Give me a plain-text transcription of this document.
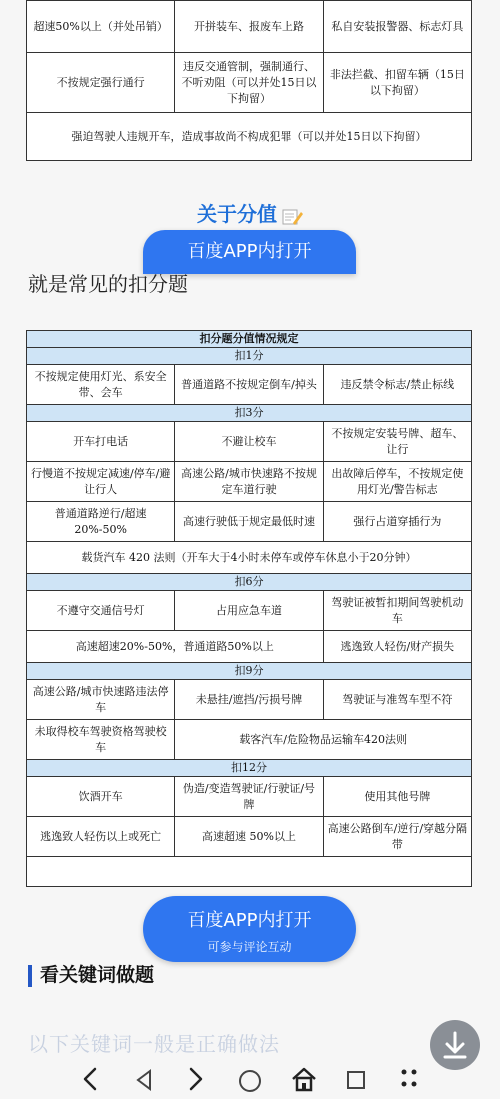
超速50%以上（并处吊销）	开拼装车、报废车上路	私自安装报警器、标志灯具
不按规定强行通行	违反交通管制，强制通行、不听劝阻（可以并处15日以下拘留）	非法拦截、扣留车辆（15日以下拘留）
强迫驾驶人违规开车，造成事故尚不构成犯罪（可以并处15日以下拘留）		
关于分值
百度APP内打开
就是常见的扣分题
扣分题分值情况规定		
扣1分		
不按规定使用灯光、系安全带、会车	普通道路不按规定倒车/掉头	违反禁令标志/禁止标线
扣3分		
开车打电话	不避让校车	不按规定安装号牌、超车、让行
行慢道不按规定减速/停车/避让行人	高速公路/城市快速路不按规定车道行驶	出故障后停车，不按规定使用灯光/警告标志
普通道路逆行/超速20%-50%	高速行驶低于规定最低时速	强行占道穿插行为
载货汽车 420 法则（开车大于4小时未停车或停车休息小于20分钟）		
扣6分		
不遵守交通信号灯	占用应急车道	驾驶证被暂扣期间驾驶机动车
高速超速20%-50%，普通道路50%以上		逃逸致人轻伤/财产损失
扣9分		
高速公路/城市快速路违法停车	未悬挂/遮挡/污损号牌	驾驶证与准驾车型不符
未取得校车驾驶资格驾驶校车	载客汽车/危险物品运输车420法则	
扣12分		
饮酒开车	伪造/变造驾驶证/行驶证/号牌	使用其他号牌
逃逸致人轻伤以上或死亡	高速超速 50%以上	高速公路倒车/逆行/穿越分隔带

百度APP内打开
可参与评论互动
看关键词做题
以下关键词一般是正确做法
